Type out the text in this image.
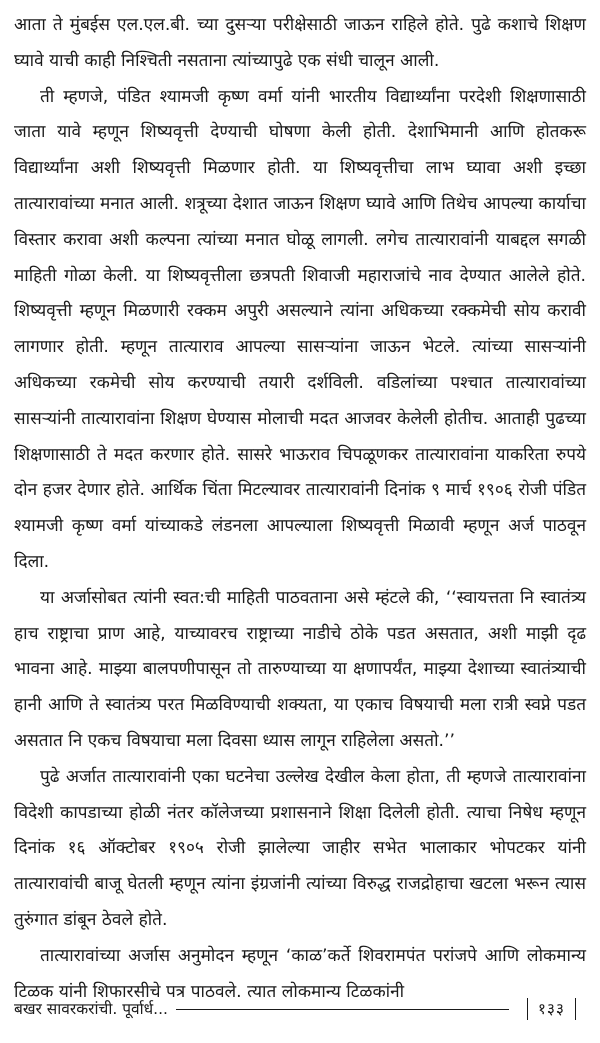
आता ते मुंबईस एल.एल.बी. च्या दुसऱ्या परीक्षेसाठी जाऊन राहिले होते. पुढे कशाचे शिक्षण घ्यावे याची काही निश्चिती नसताना त्यांच्यापुढे एक संधी चालून आली.

ती म्हणजे, पंडित श्यामजी कृष्ण वर्मा यांनी भारतीय विद्यार्थ्यांना परदेशी शिक्षणासाठी जाता यावे म्हणून शिष्यवृत्ती देण्याची घोषणा केली होती. देशाभिमानी आणि होतकरू विद्यार्थ्यांना अशी शिष्यवृत्ती मिळणार होती. या शिष्यवृत्तीचा लाभ घ्यावा अशी इच्छा तात्यारावांच्या मनात आली. शत्रूच्या देशात जाऊन शिक्षण घ्यावे आणि तिथेच आपल्या कार्याचा विस्तार करावा अशी कल्पना त्यांच्या मनात घोळू लागली. लगेच तात्यारावांनी याबद्दल सगळी माहिती गोळा केली. या शिष्यवृत्तीला छत्रपती शिवाजी महाराजांचे नाव देण्यात आलेले होते. शिष्यवृत्ती म्हणून मिळणारी रक्कम अपुरी असल्याने त्यांना अधिकच्या रक्कमेची सोय करावी लागणार होती. म्हणून तात्याराव आपल्या सासऱ्यांना जाऊन भेटले. त्यांच्या सासऱ्यांनी अधिकच्या रकमेची सोय करण्याची तयारी दर्शविली. वडिलांच्या पश्चात तात्यारावांच्या सासऱ्यांनी तात्यारावांना शिक्षण घेण्यास मोलाची मदत आजवर केलेली होतीच. आताही पुढच्या शिक्षणासाठी ते मदत करणार होते. सासरे भाऊराव चिपळूणकर तात्यारावांना याकरिता रुपये दोन हजर देणार होते. आर्थिक चिंता मिटल्यावर तात्यारावांनी दिनांक ९ मार्च १९०६ रोजी पंडित श्यामजी कृष्ण वर्मा यांच्याकडे लंडनला आपल्याला शिष्यवृत्ती मिळावी म्हणून अर्ज पाठवून दिला.

या अर्जासोबत त्यांनी स्वत:ची माहिती पाठवताना असे म्हंटले की, ‘‘स्वायत्तता नि स्वातंत्र्य हाच राष्ट्राचा प्राण आहे, याच्यावरच राष्ट्राच्या नाडीचे ठोके पडत असतात, अशी माझी दृढ भावना आहे. माझ्या बालपणीपासून तो तारुण्याच्या या क्षणापर्यंत, माझ्या देशाच्या स्वातंत्र्याची हानी आणि ते स्वातंत्र्य परत मिळविण्याची शक्यता, या एकाच विषयाची मला रात्री स्वप्ने पडत असतात नि एकच विषयाचा मला दिवसा ध्यास लागून राहिलेला असतो.’’

पुढे अर्जात तात्यारावांनी एका घटनेचा उल्लेख देखील केला होता, ती म्हणजे तात्यारावांना विदेशी कापडाच्या होळी नंतर कॉलेजच्या प्रशासनाने शिक्षा दिलेली होती. त्याचा निषेध म्हणून दिनांक १६ ऑक्टोबर १९०५ रोजी झालेल्या जाहीर सभेत भालाकार भोपटकर यांनी तात्यारावांची बाजू घेतली म्हणून त्यांना इंग्रजांनी त्यांच्या विरुद्ध राजद्रोहाचा खटला भरून त्यास तुरुंगात डांबून ठेवले होते.

तात्यारावांच्या अर्जास अनुमोदन म्हणून ‘काळ’कर्ते शिवरामपंत परांजपे आणि लोकमान्य टिळक यांनी शिफारसीचे पत्र पाठवले. त्यात लोकमान्य टिळकांनी

बखर सावरकरांची. पूर्वार्ध...	१३३
